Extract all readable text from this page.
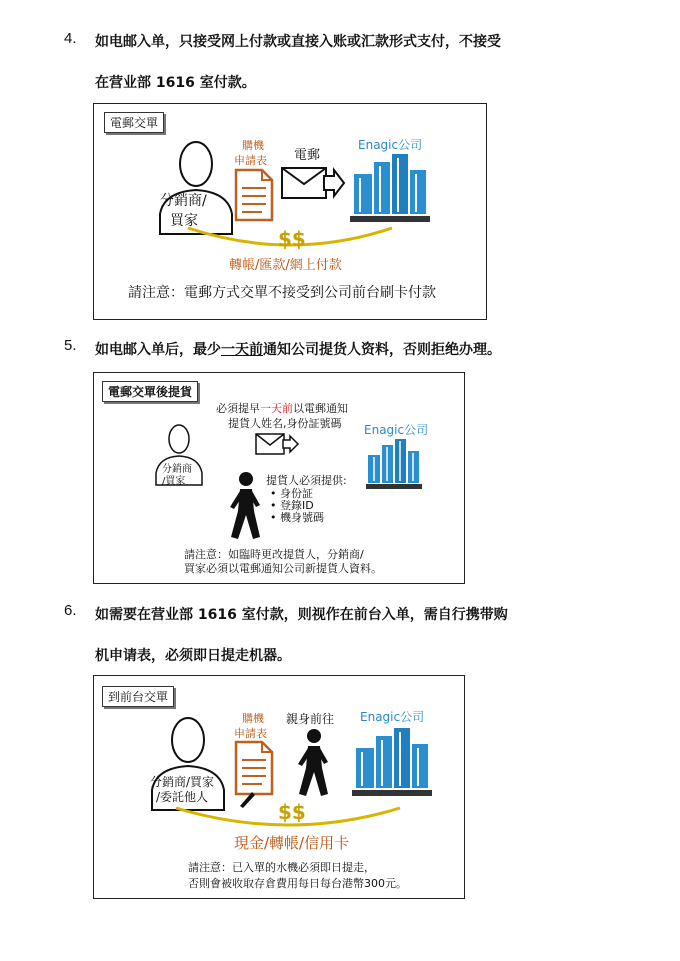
4. 如电邮入单，只接受网上付款或直接入账或汇款形式支付，不接受
在营业部 1616 室付款。
電郵交單
分銷商/
買家
購機
申請表 電郵
Enagic公司
$$
轉帳/匯款/網上付款
請注意：電郵方式交單不接受到公司前台刷卡付款
5. 如电邮入单后，最少一天前通知公司提货人资料，否则拒绝办理。
電郵交單後提貨
必須提早一天前以電郵通知
提貨人姓名,身份証號碼 Enagic公司
分銷商
/買家	提貨人必須提供:
• 身份証
• 登錄ID
• 機身號碼
請注意：如臨時更改提貨人，分銷商/
買家必須以電郵通知公司新提貨人資料。
6. 如需要在营业部 1616 室付款，则视作在前台入单，需自行携带购
机申请表，必须即日提走机器。
到前台交單
分銷商/買家
/委託他人
購機
申請表
親身前往 Enagic公司
$$
現金/轉帳/信用卡
請注意：已入單的水機必須即日提走，
否則會被收取存倉費用每日每台港幣300元。
